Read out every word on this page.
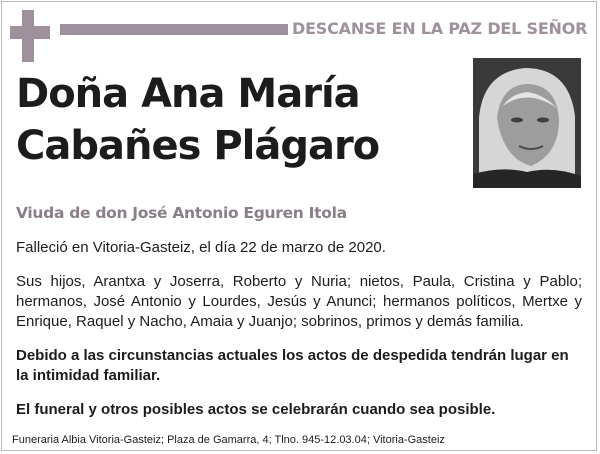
DESCANSE EN LA PAZ DEL SEÑOR
Doña Ana María
Cabañes Plágaro
Viuda de don José Antonio Eguren Itola
Falleció en Vitoria-Gasteiz, el día 22 de marzo de 2020.
Sus hijos, Arantxa y Joserra, Roberto y Nuria; nietos, Paula, Cristina y Pablo; hermanos, José Antonio y Lourdes, Jesús y Anunci; hermanos políticos, Mertxe y Enrique, Raquel y Nacho, Amaia y Juanjo; sobrinos, primos y demás familia.
Debido a las circunstancias actuales los actos de despedida tendrán lugar en la intimidad familiar.
El funeral y otros posibles actos se celebrarán cuando sea posible.
Funeraria Albia Vitoria-Gasteiz; Plaza de Gamarra, 4; Tlno. 945-12.03.04; Vitoria-Gasteiz
